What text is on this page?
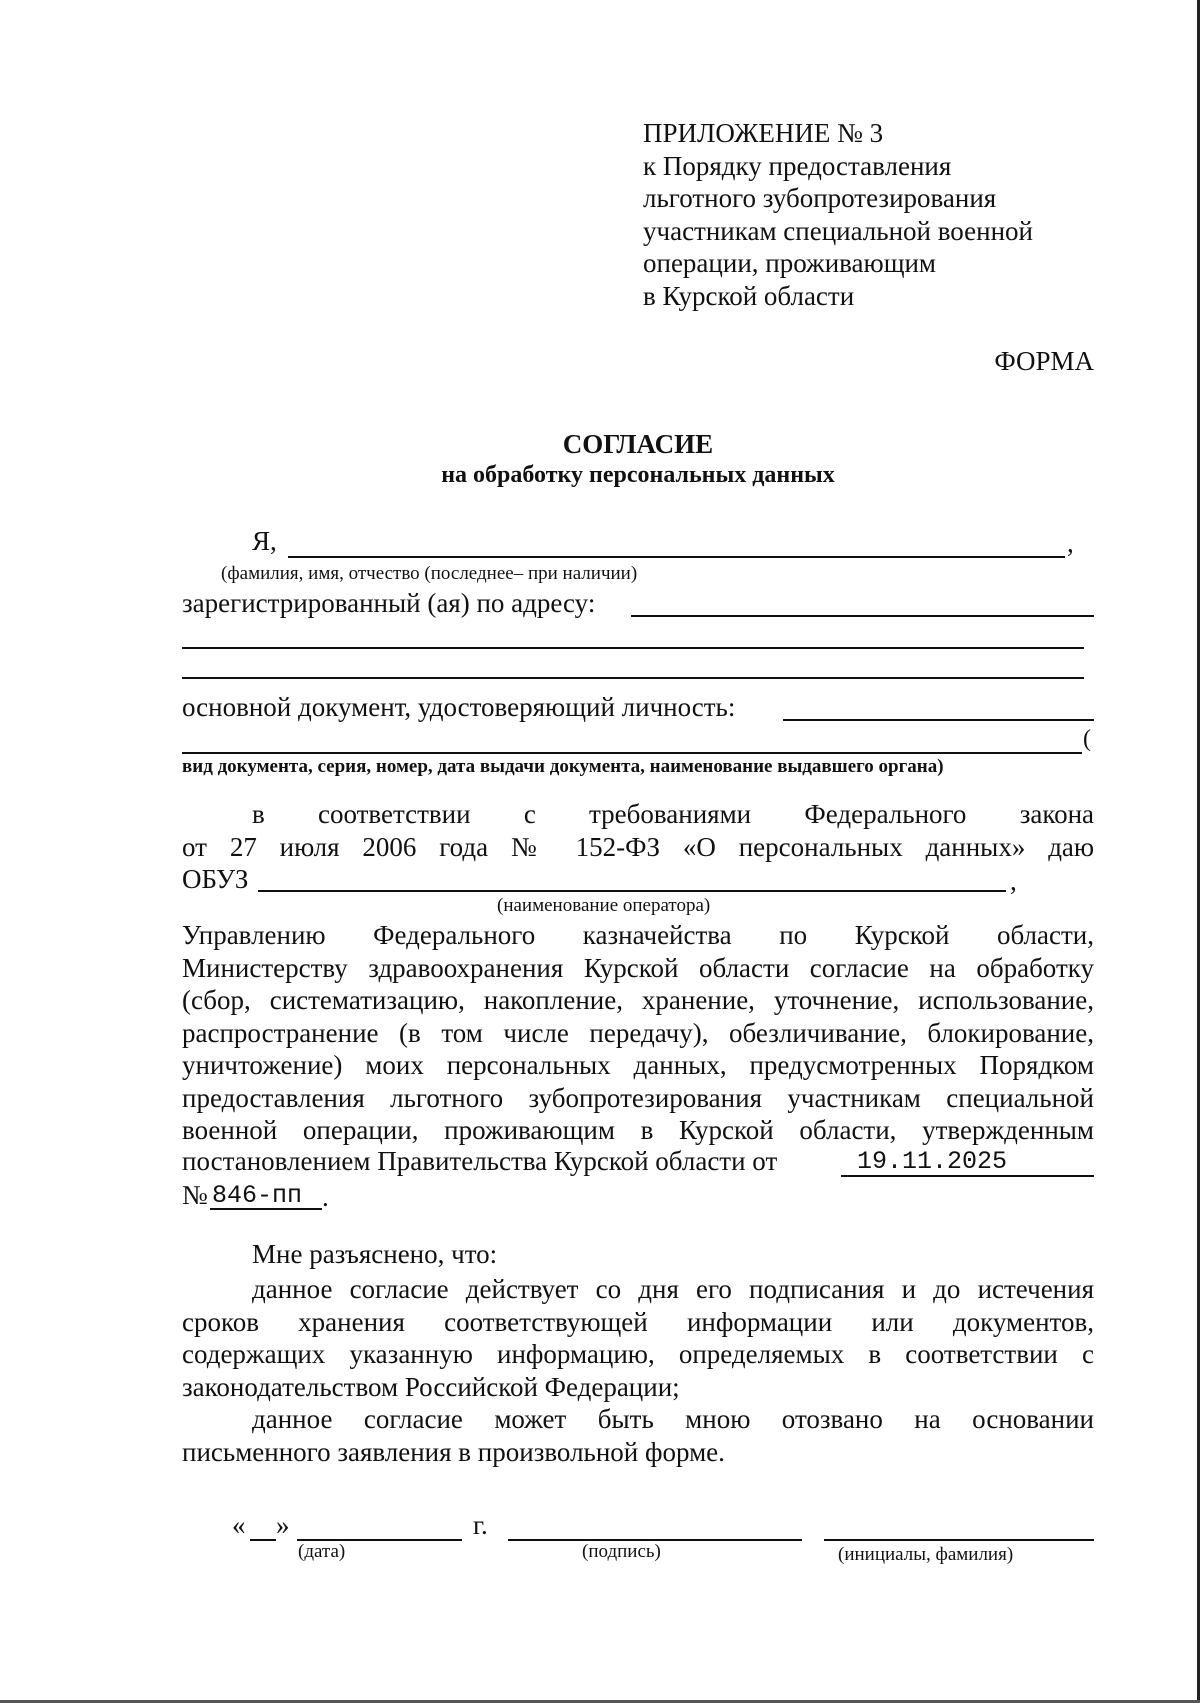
ПРИЛОЖЕНИЕ № 3
к Порядку предоставления
льготного зубопротезирования
участникам специальной военной
операции, проживающим
в Курской области
ФОРМА
СОГЛАСИЕ
на обработку персональных данных
Я,	,
(фамилия, имя, отчество (последнее– при наличии)
зарегистрированный (ая) по адресу:
основной документ, удостоверяющий личность:
(
вид документа, серия, номер, дата выдачи документа, наименование выдавшего органа)
в соответствии с требованиями Федерального закона
от 27 июля 2006 года № 152-ФЗ «О персональных данных» даю
ОБУЗ	,
(наименование оператора)
Управлению Федерального казначейства по Курской области,
Министерству здравоохранения Курской области согласие на обработку
(сбор, систематизацию, накопление, хранение, уточнение, использование,
распространение (в том числе передачу), обезличивание, блокирование,
уничтожение) моих персональных данных, предусмотренных Порядком
предоставления льготного зубопротезирования участникам специальной
военной операции, проживающим в Курской области, утвержденным
постановлением Правительства Курской области от	19.11.2025
№ 846-пп .
Мне разъяснено, что:
данное согласие действует со дня его подписания и до истечения
сроков хранения соответствующей информации или документов,
содержащих указанную информацию, определяемых в соответствии с
законодательством Российской Федерации;
данное согласие может быть мною отозвано на основании
письменного заявления в произвольной форме.
« »	г.
(дата)	(подпись)	(инициалы, фамилия)
